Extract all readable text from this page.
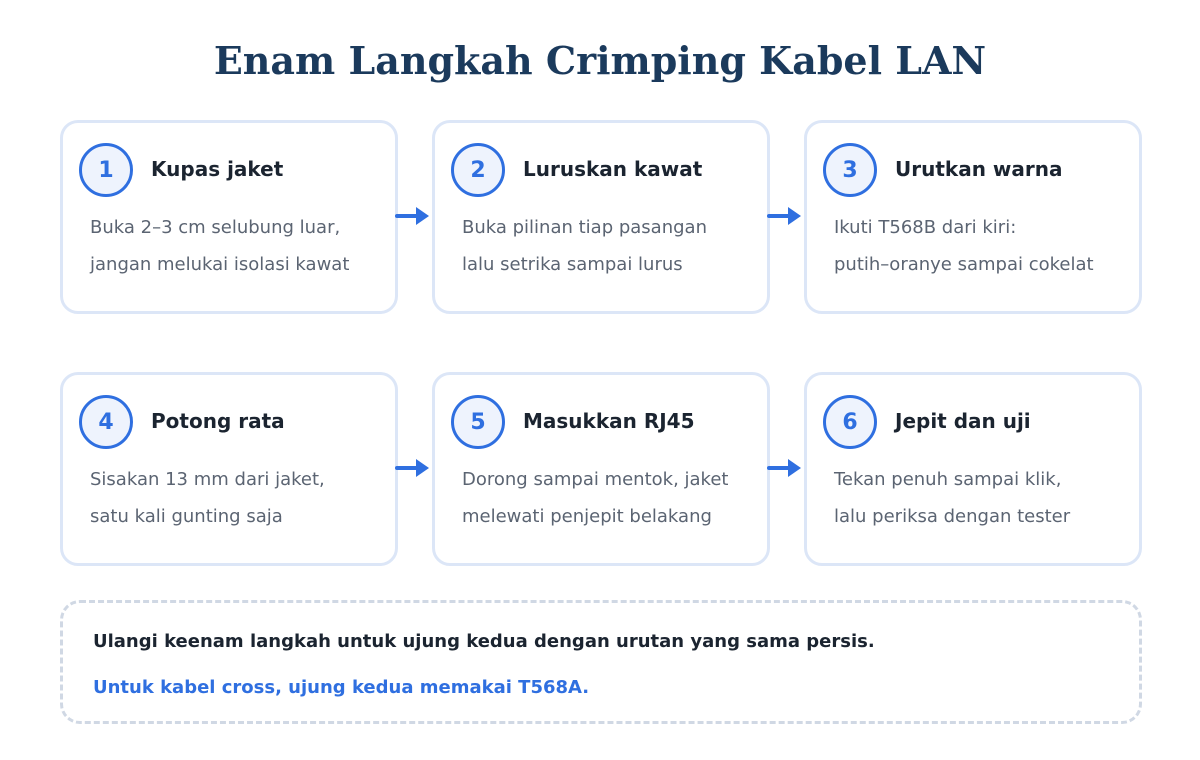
Enam Langkah Crimping Kabel LAN
1	Kupas jaket
Buka 2–3 cm selubung luar,
jangan melukai isolasi kawat
2	Luruskan kawat
Buka pilinan tiap pasangan
lalu setrika sampai lurus
3	Urutkan warna
Ikuti T568B dari kiri:
putih–oranye sampai cokelat
4	Potong rata
Sisakan 13 mm dari jaket,
satu kali gunting saja
5	Masukkan RJ45
Dorong sampai mentok, jaket
melewati penjepit belakang
6	Jepit dan uji
Tekan penuh sampai klik,
lalu periksa dengan tester
Ulangi keenam langkah untuk ujung kedua dengan urutan yang sama persis.
Untuk kabel cross, ujung kedua memakai T568A.
